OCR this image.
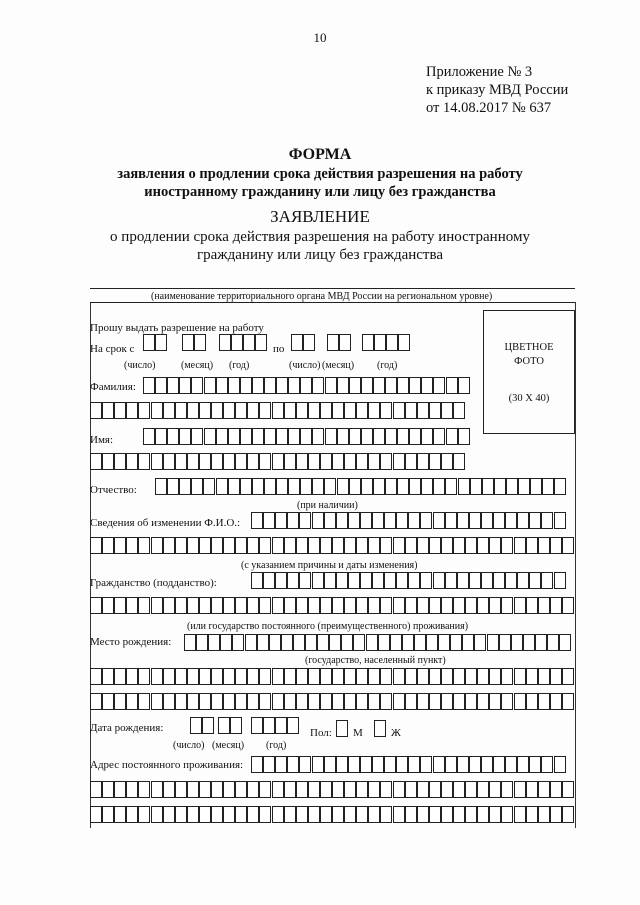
10
Приложение № 3
к приказу МВД России
от 14.08.2017 № 637
ФОРМА
заявления о продлении срока действия разрешения на работу
иностранному гражданину или лицу без гражданства
ЗАЯВЛЕНИЕ
о продлении срока действия разрешения на работу иностранному
гражданину или лицу без гражданства
(наименование территориального органа МВД России на региональном уровне)
Прошу выдать разрешение на работу
На срок с	по
(число)	(месяц) (год)	(число) (месяц) (год)
ЦВЕТНОЕ
ФОТО
(30 Х 40)
Фамилия:
Имя:
Отчество:
(при наличии)
Сведения об изменении Ф.И.О.:
(с указанием причины и даты изменения)
Гражданство (подданство):
(или государство постоянного (преимущественного) проживания)
Место рождения:
(государство, населенный пункт)
Дата рождения:
(число) (месяц) (год)
Пол: М	Ж
Адрес постоянного проживания:
